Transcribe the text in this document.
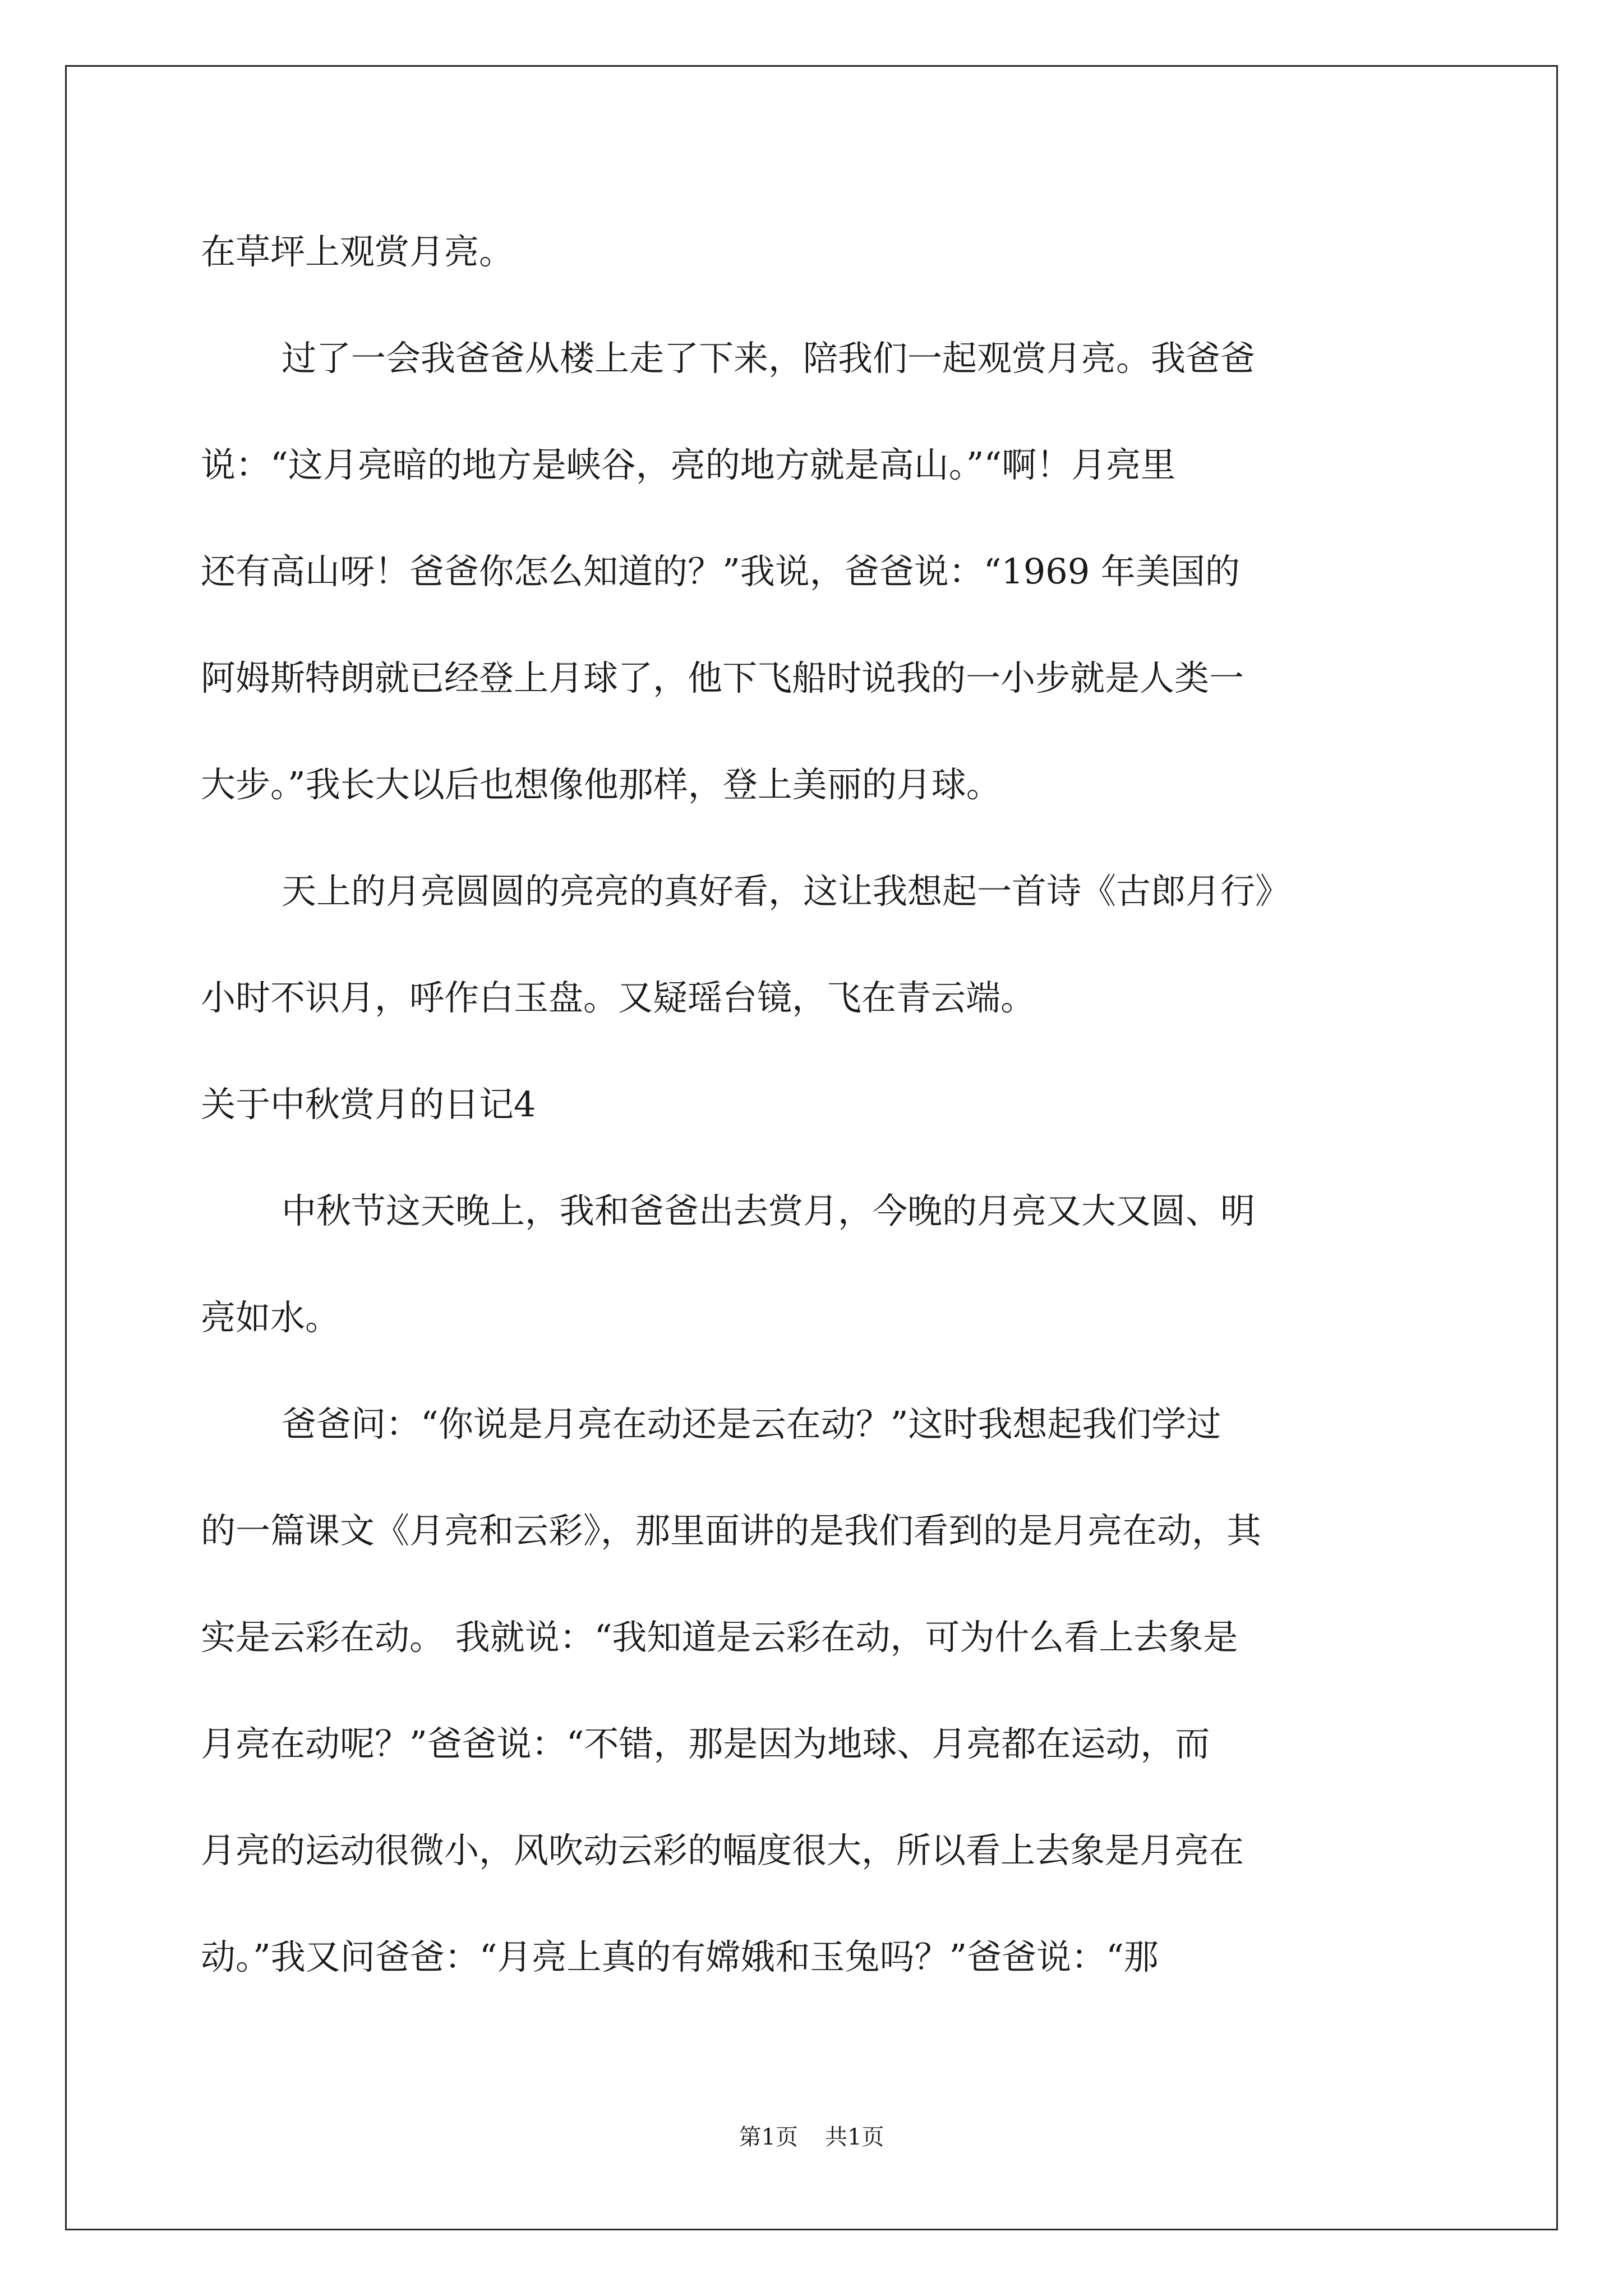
在草坪上观赏月亮。

过了一会我爸爸从楼上走了下来，陪我们一起观赏月亮。我爸爸

说：“这月亮暗的地方是峡谷，亮的地方就是高山。”“啊！月亮里

还有高山呀！爸爸你怎么知道的？”我说，爸爸说：“1969 年美国的

阿姆斯特朗就已经登上月球了，他下飞船时说我的一小步就是人类一

大步。”我长大以后也想像他那样，登上美丽的月球。

天上的月亮圆圆的亮亮的真好看，这让我想起一首诗《古郎月行》

小时不识月，呼作白玉盘。又疑瑶台镜，飞在青云端。

关于中秋赏月的日记4

中秋节这天晚上，我和爸爸出去赏月，今晚的月亮又大又圆、明

亮如水。

爸爸问：“你说是月亮在动还是云在动？”这时我想起我们学过

的一篇课文《月亮和云彩》，那里面讲的是我们看到的是月亮在动，其

实是云彩在动。 我就说：“我知道是云彩在动，可为什么看上去象是

月亮在动呢？”爸爸说：“不错，那是因为地球、月亮都在运动，而

月亮的运动很微小，风吹动云彩的幅度很大，所以看上去象是月亮在

动。”我又问爸爸：“月亮上真的有嫦娥和玉兔吗？”爸爸说：“那

第1页 共1页
